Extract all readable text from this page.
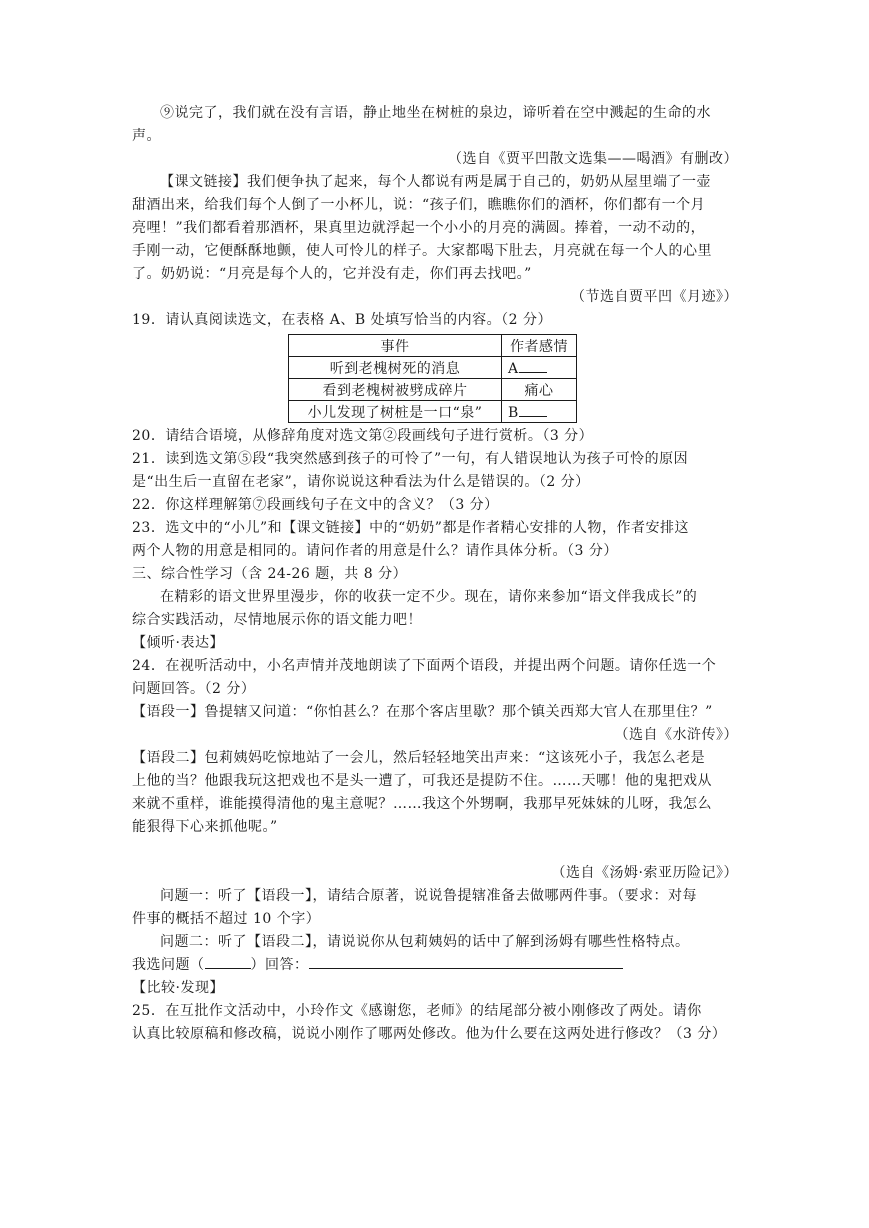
⑨说完了，我们就在没有言语，静止地坐在树桩的泉边，谛听着在空中溅起的生命的水
声。
（选自《贾平凹散文选集——喝酒》有删改）
【课文链接】我们便争执了起来，每个人都说有两是属于自己的，奶奶从屋里端了一壶
甜酒出来，给我们每个人倒了一小杯儿，说：“孩子们，瞧瞧你们的酒杯，你们都有一个月
亮哩！”我们都看着那酒杯，果真里边就浮起一个小小的月亮的满圆。捧着，一动不动的，
手刚一动，它便酥酥地颤，使人可怜儿的样子。大家都喝下肚去，月亮就在每一个人的心里
了。奶奶说：“月亮是每个人的，它并没有走，你们再去找吧。”
（节选自贾平凹《月迹》）
19．请认真阅读选文，在表格 A、B 处填写恰当的内容。（2 分）
事件	作者感情
听到老槐树死的消息	A
看到老槐树被劈成碎片	痛心
小儿发现了树桩是一口“泉”	B
20．请结合语境，从修辞角度对选文第②段画线句子进行赏析。（3 分）
21．读到选文第⑤段“我突然感到孩子的可怜了”一句，有人错误地认为孩子可怜的原因
是“出生后一直留在老家”，请你说说这种看法为什么是错误的。（2 分）
22．你这样理解第⑦段画线句子在文中的含义？（3 分）
23．选文中的“小儿”和【课文链接】中的“奶奶”都是作者精心安排的人物，作者安排这
两个人物的用意是相同的。请问作者的用意是什么？请作具体分析。（3 分）
三、综合性学习（含 24-26 题，共 8 分）
在精彩的语文世界里漫步，你的收获一定不少。现在，请你来参加“语文伴我成长”的
综合实践活动，尽情地展示你的语文能力吧！
【倾听·表达】
24．在视听活动中，小名声情并茂地朗读了下面两个语段，并提出两个问题。请你任选一个
问题回答。（2 分）
【语段一】鲁提辖又问道：“你怕甚么？在那个客店里歇？那个镇关西郑大官人在那里住？”
（选自《水浒传》）
【语段二】包莉姨妈吃惊地站了一会儿，然后轻轻地笑出声来：“这该死小子，我怎么老是
上他的当？他跟我玩这把戏也不是头一遭了，可我还是提防不住。……天哪！他的鬼把戏从
来就不重样，谁能摸得清他的鬼主意呢？……我这个外甥啊，我那早死妹妹的儿呀，我怎么
能狠得下心来抓他呢。”
（选自《汤姆·索亚历险记》）
问题一：听了【语段一】，请结合原著，说说鲁提辖准备去做哪两件事。（要求：对每
件事的概括不超过 10 个字）
问题二：听了【语段二】，请说说你从包莉姨妈的话中了解到汤姆有哪些性格特点。
我选问题（	）回答：
【比较·发现】
25．在互批作文活动中，小玲作文《感谢您，老师》的结尾部分被小刚修改了两处。请你
认真比较原稿和修改稿，说说小刚作了哪两处修改。他为什么要在这两处进行修改？（3 分）
